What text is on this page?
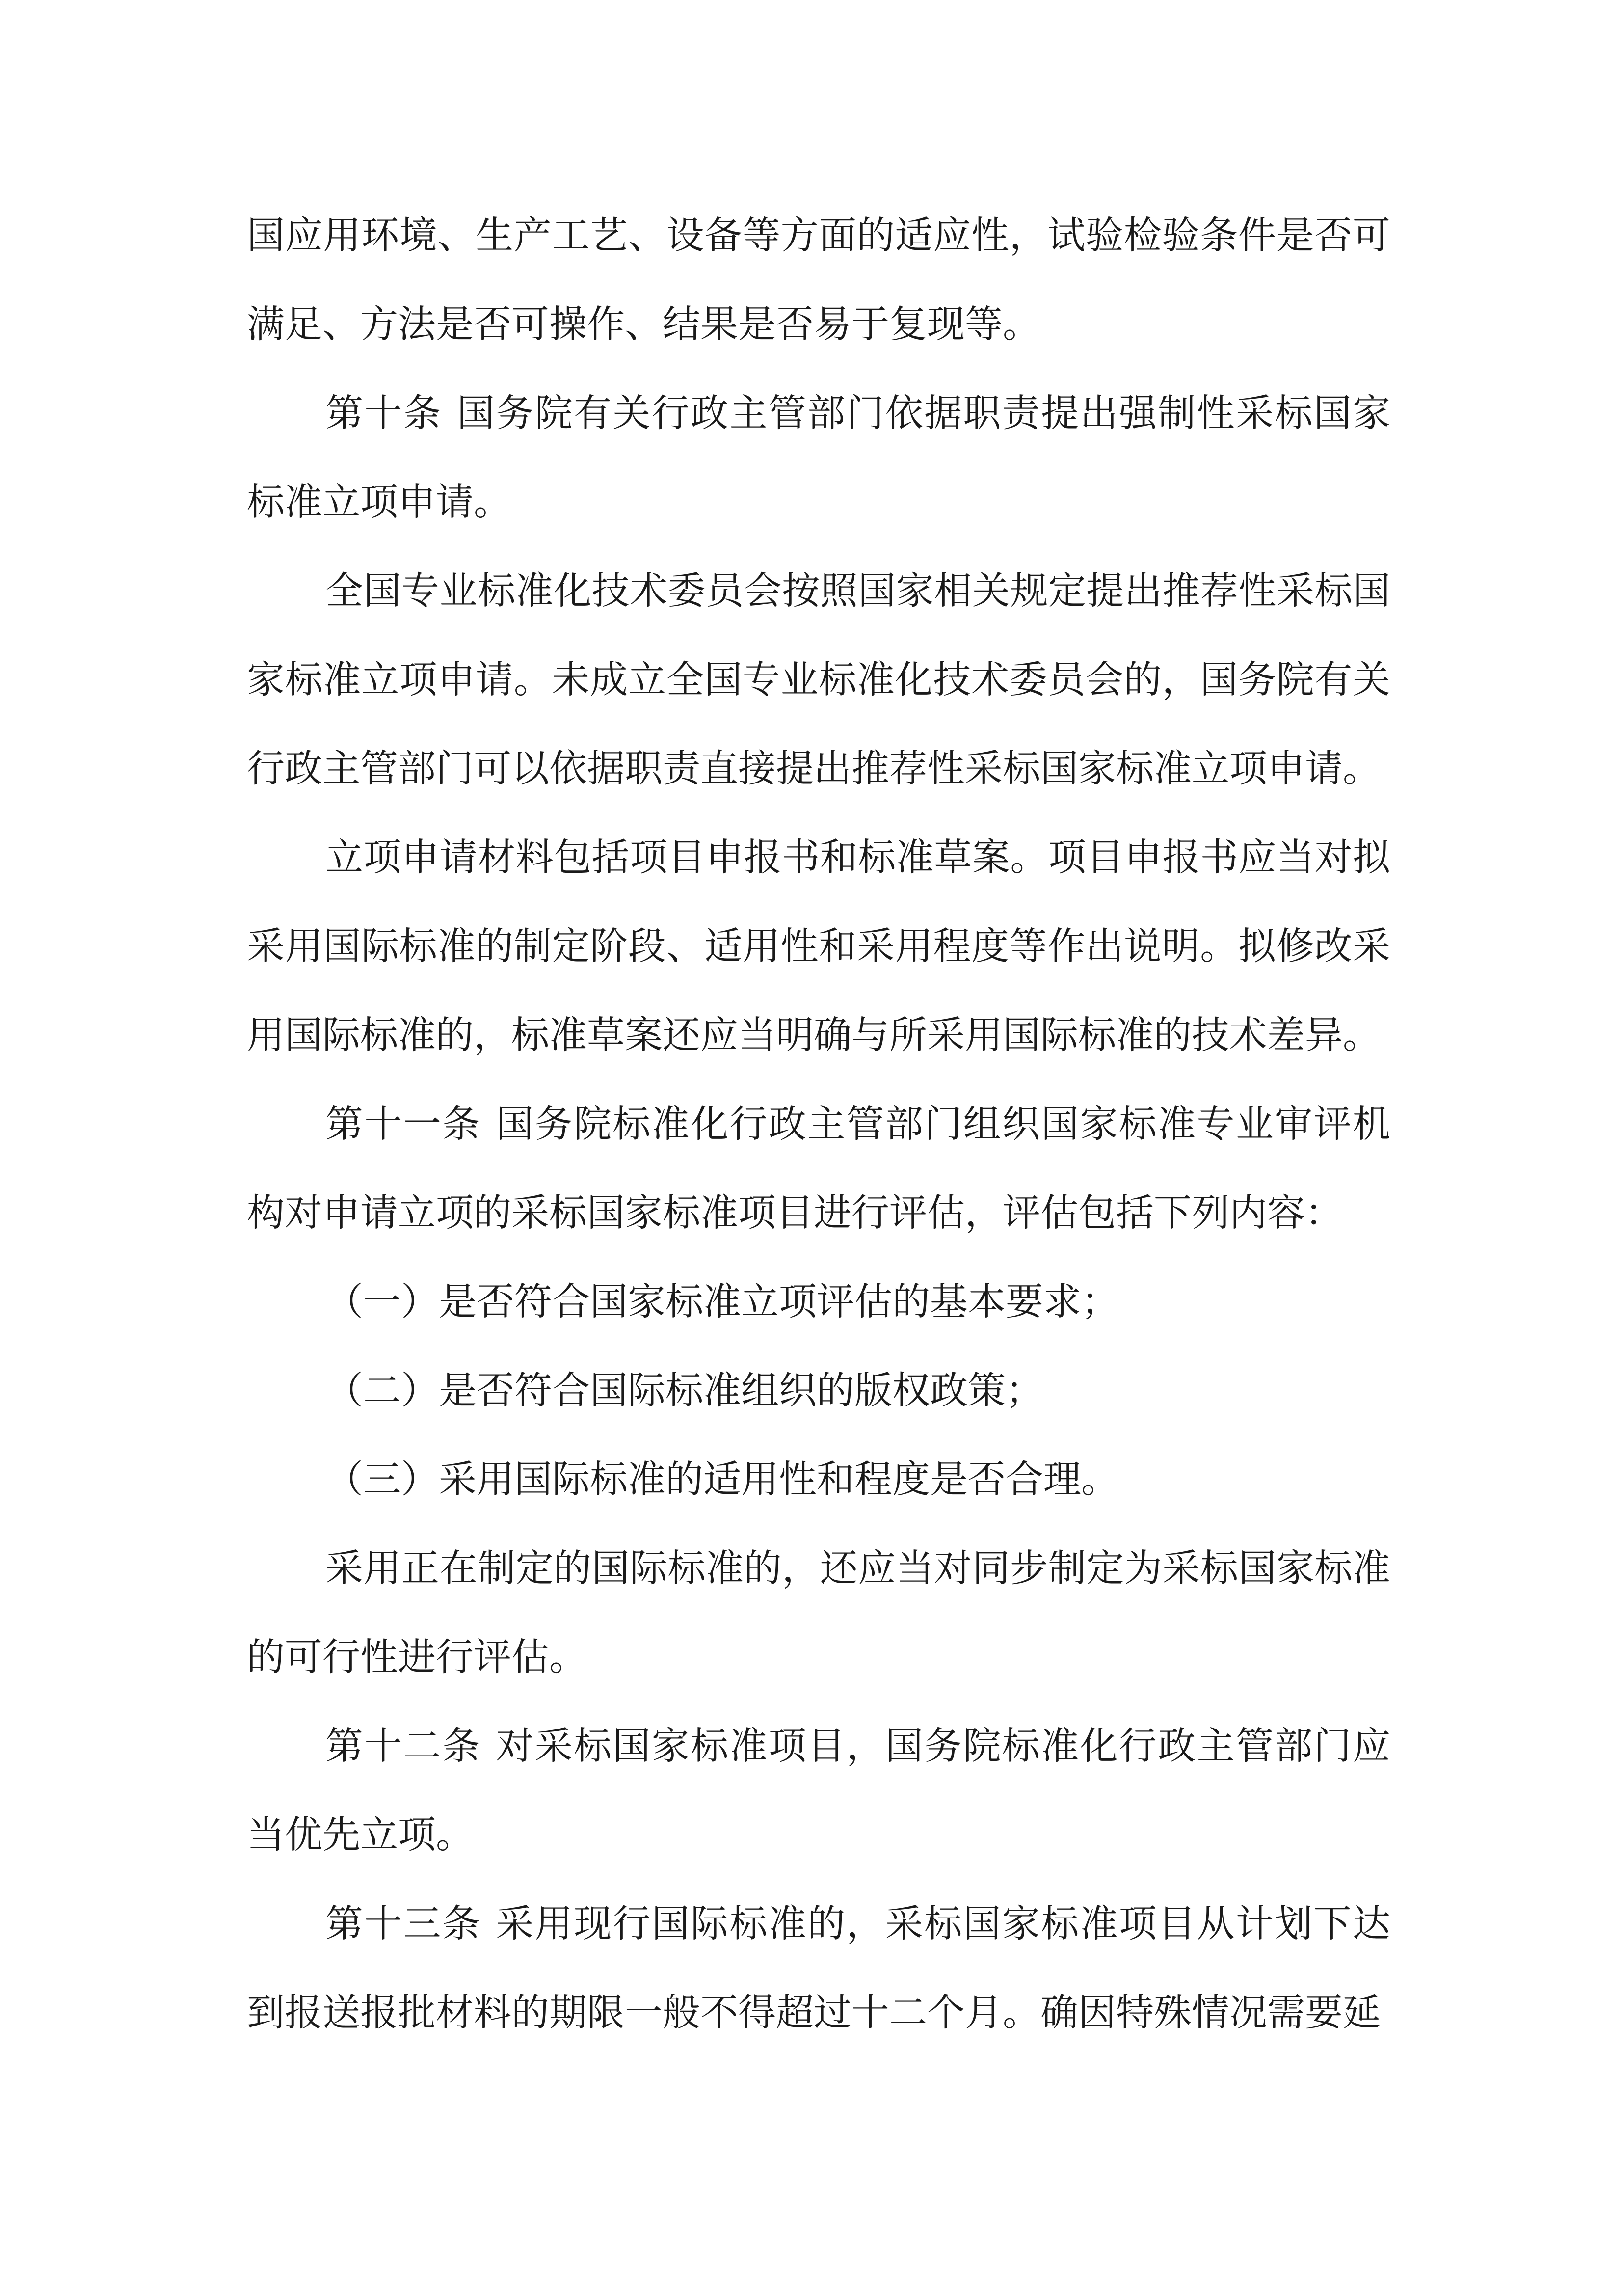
国应用环境、生产工艺、设备等方面的适应性，试验检验条件是否可满足、方法是否可操作、结果是否易于复现等。

第十条 国务院有关行政主管部门依据职责提出强制性采标国家标准立项申请。

全国专业标准化技术委员会按照国家相关规定提出推荐性采标国家标准立项申请。未成立全国专业标准化技术委员会的，国务院有关行政主管部门可以依据职责直接提出推荐性采标国家标准立项申请。

立项申请材料包括项目申报书和标准草案。项目申报书应当对拟采用国际标准的制定阶段、适用性和采用程度等作出说明。拟修改采用国际标准的，标准草案还应当明确与所采用国际标准的技术差异。

第十一条 国务院标准化行政主管部门组织国家标准专业审评机构对申请立项的采标国家标准项目进行评估，评估包括下列内容：

（一）是否符合国家标准立项评估的基本要求；

（二）是否符合国际标准组织的版权政策；

（三）采用国际标准的适用性和程度是否合理。

采用正在制定的国际标准的，还应当对同步制定为采标国家标准的可行性进行评估。

第十二条 对采标国家标准项目，国务院标准化行政主管部门应当优先立项。

第十三条 采用现行国际标准的，采标国家标准项目从计划下达到报送报批材料的期限一般不得超过十二个月。确因特殊情况需要延
